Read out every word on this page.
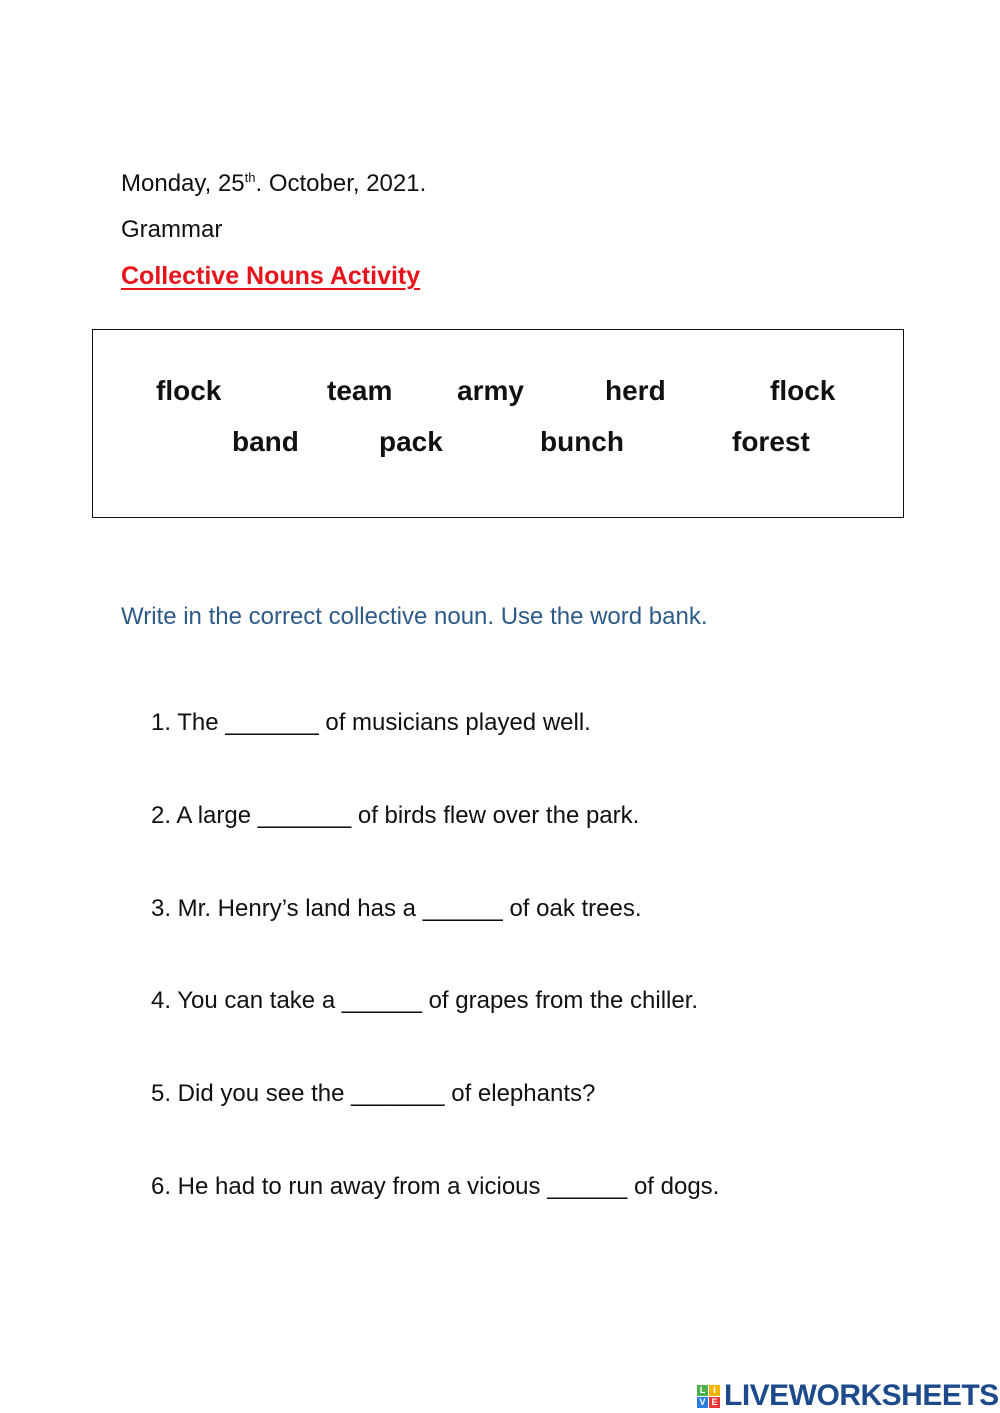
Monday, 25th. October, 2021.
Grammar
Collective Nouns Activity
flock	team army	herd	flock
band	pack	bunch	forest
Write in the correct collective noun. Use the word bank.
1. The _______ of musicians played well.
2. A large _______ of birds flew over the park.
3. Mr. Henry’s land has a ______ of oak trees.
4. You can take a ______ of grapes from the chiller.
5. Did you see the _______ of elephants?
6. He had to run away from a vicious ______ of dogs.
L I
V E LIVEWORKSHEETS
